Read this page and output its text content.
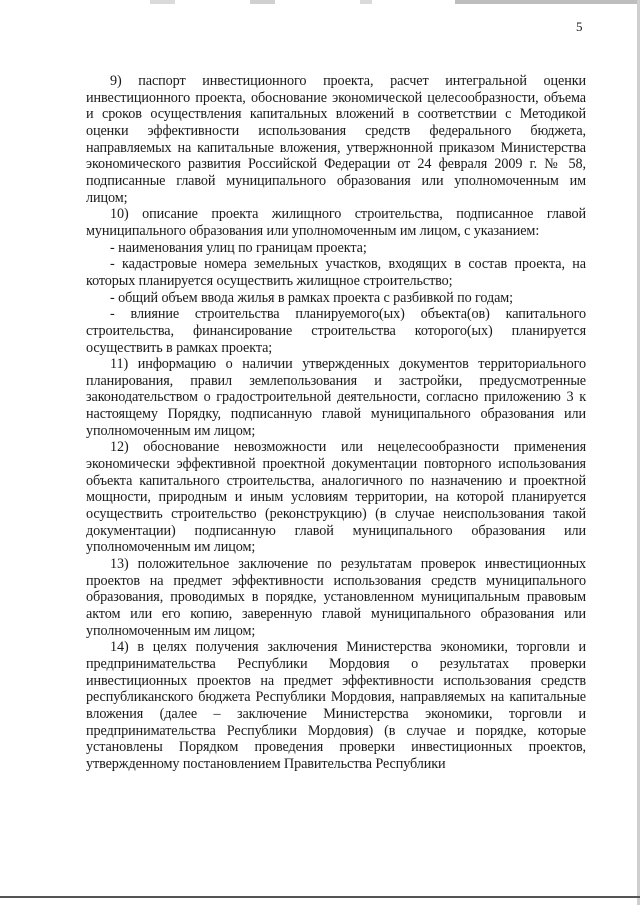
5

9) паспорт инвестиционного проекта, расчет интегральной оценки инвестиционного проекта, обоснование экономической целесообразности, объема и сроков осуществления капитальных вложений в соответствии с Методикой оценки эффективности использования средств федерального бюджета, направляемых на капитальные вложения, утвержнонной приказом Министерства экономического развития Российской Федерации от 24 февраля 2009 г. № 58, подписанные главой муниципального образования или уполномоченным им лицом;

10) описание проекта жилищного строительства, подписанное главой муниципального образования или уполномоченным им лицом, с указанием:

- наименования улиц по границам проекта;

- кадастровые номера земельных участков, входящих в состав проекта, на которых планируется осуществить жилищное строительство;

- общий объем ввода жилья в рамках проекта с разбивкой по годам;

- влияние строительства планируемого(ых) объекта(ов) капитального строительства, финансирование строительства которого(ых) планируется осуществить в рамках проекта;

11) информацию о наличии утвержденных документов территориального планирования, правил землепользования и застройки, предусмотренные законодательством о градостроительной деятельности, согласно приложению 3 к настоящему Порядку, подписанную главой муниципального образования или уполномоченным им лицом;

12) обоснование невозможности или нецелесообразности применения экономически эффективной проектной документации повторного использования объекта капитального строительства, аналогичного по назначению и проектной мощности, природным и иным условиям территории, на которой планируется осуществить строительство (реконструкцию) (в случае неиспользования такой документации) подписанную главой муниципального образования или уполномоченным им лицом;

13) положительное заключение по результатам проверок инвестиционных проектов на предмет эффективности использования средств муниципального образования, проводимых в порядке, установленном муниципальным правовым актом или его копию, заверенную главой муниципального образования или уполномоченным им лицом;

14) в целях получения заключения Министерства экономики, торговли и предпринимательства Республики Мордовия о результатах проверки инвестиционных проектов на предмет эффективности использования средств республиканского бюджета Республики Мордовия, направляемых на капитальные вложения (далее – заключение Министерства экономики, торговли и предпринимательства Республики Мордовия) (в случае и порядке, которые установлены Порядком проведения проверки инвестиционных проектов, утвержденному постановлением Правительства Республики
